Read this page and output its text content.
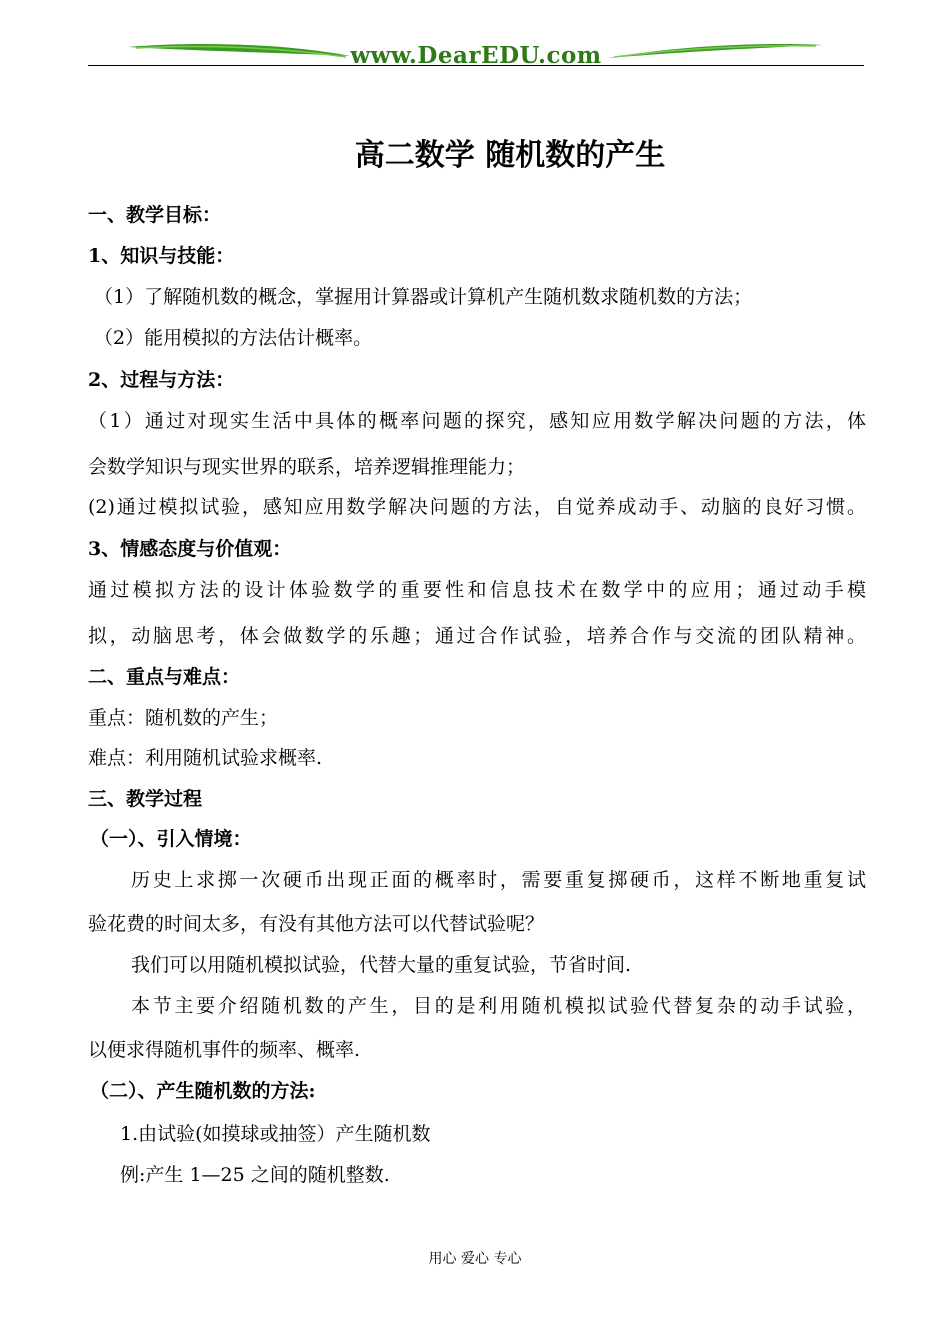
www.DearEDU.com
高二数学 随机数的产生
一、教学目标：
1、知识与技能：
（1）了解随机数的概念，掌握用计算器或计算机产生随机数求随机数的方法；
（2）能用模拟的方法估计概率。
2、过程与方法：
（1）通过对现实生活中具体的概率问题的探究，感知应用数学解决问题的方法，体
会数学知识与现实世界的联系，培养逻辑推理能力；
(2)通过模拟试验，感知应用数学解决问题的方法，自觉养成动手、动脑的良好习惯。
3、情感态度与价值观：
通过模拟方法的设计体验数学的重要性和信息技术在数学中的应用；通过动手模
拟，动脑思考，体会做数学的乐趣；通过合作试验，培养合作与交流的团队精神。
二、重点与难点：
重点：随机数的产生；
难点：利用随机试验求概率.
三、教学过程
（一）、引入情境：
历史上求掷一次硬币出现正面的概率时，需要重复掷硬币，这样不断地重复试
验花费的时间太多，有没有其他方法可以代替试验呢？
我们可以用随机模拟试验，代替大量的重复试验，节省时间.
本节主要介绍随机数的产生，目的是利用随机模拟试验代替复杂的动手试验，
以便求得随机事件的频率、概率.
（二）、产生随机数的方法:
1.由试验(如摸球或抽签）产生随机数
例:产生 1—25 之间的随机整数.
用心 爱心 专心
